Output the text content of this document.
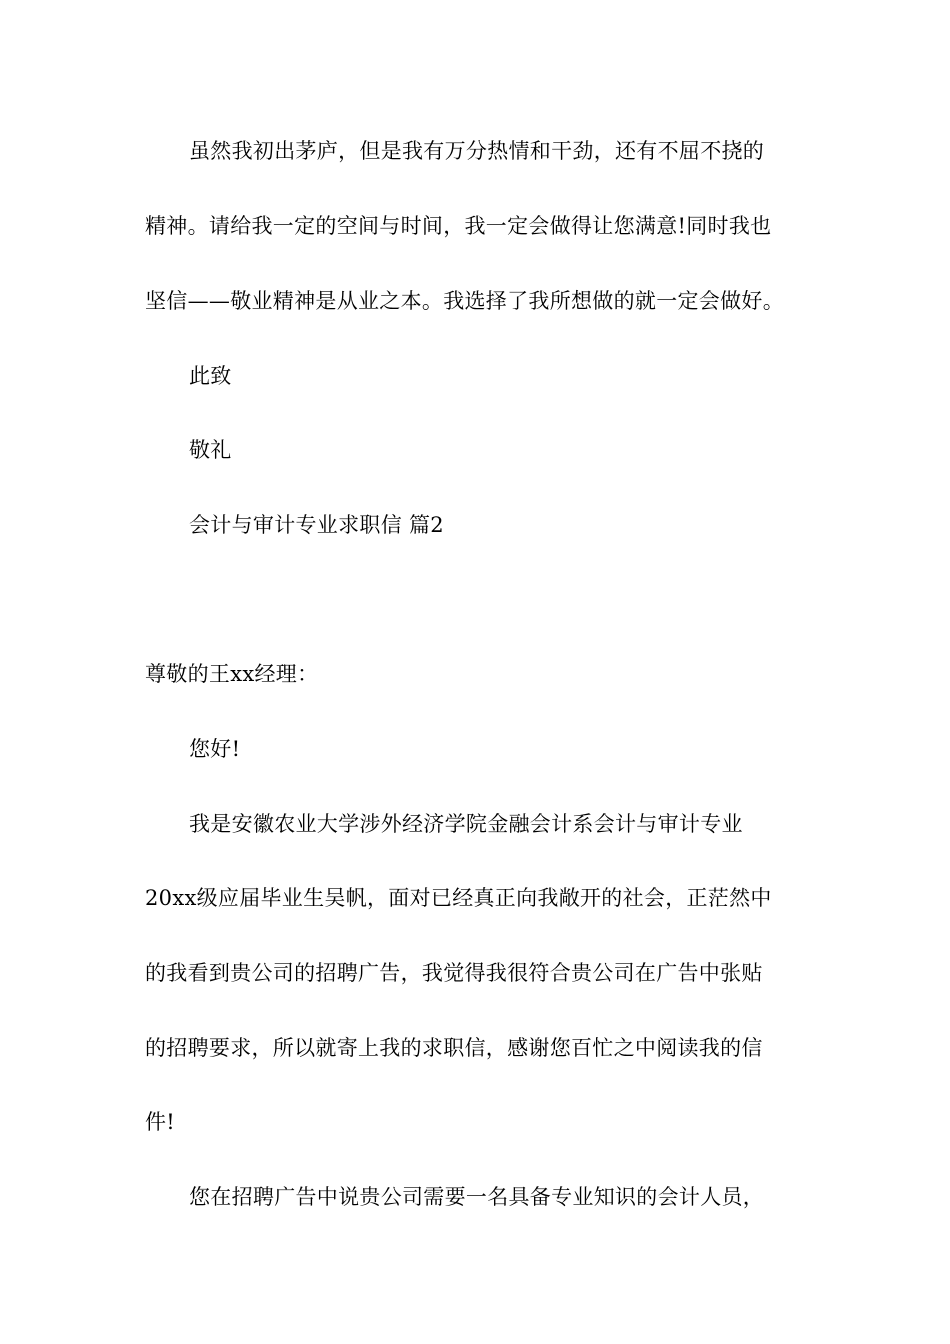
虽然我初出茅庐，但是我有万分热情和干劲，还有不屈不挠的
精神。请给我一定的空间与时间，我一定会做得让您满意!同时我也
坚信——敬业精神是从业之本。我选择了我所想做的就一定会做好。
此致
敬礼
会计与审计专业求职信 篇2
尊敬的王xx经理：
您好!
我是安徽农业大学涉外经济学院金融会计系会计与审计专业
20xx级应届毕业生吴帆，面对已经真正向我敞开的社会，正茫然中
的我看到贵公司的招聘广告，我觉得我很符合贵公司在广告中张贴
的招聘要求，所以就寄上我的求职信，感谢您百忙之中阅读我的信
件!
您在招聘广告中说贵公司需要一名具备专业知识的会计人员，
